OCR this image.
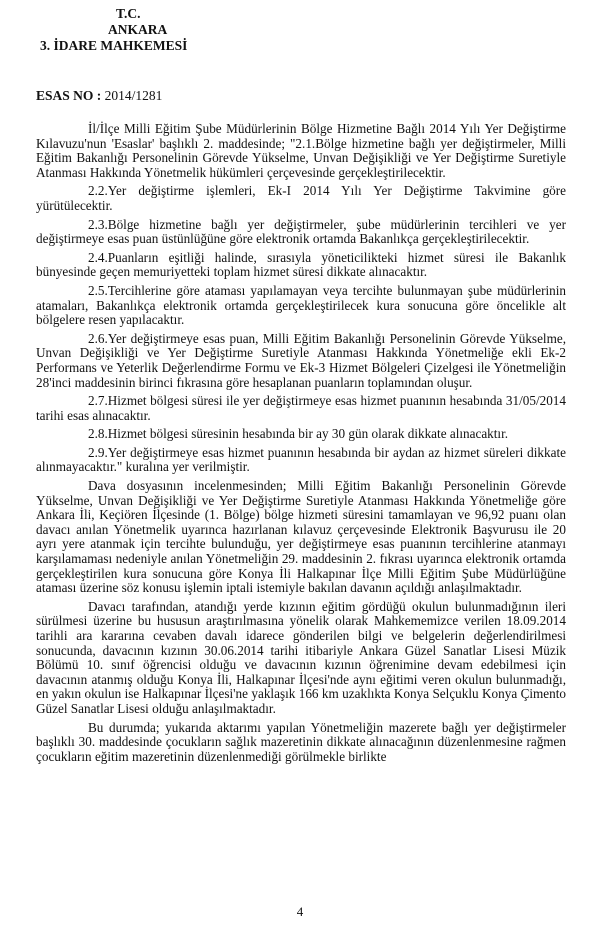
T.C.
ANKARA
3. İDARE MAHKEMESİ
ESAS NO : 2014/1281

İl/İlçe Milli Eğitim Şube Müdürlerinin Bölge Hizmetine Bağlı 2014 Yılı Yer Değiştirme Kılavuzu'nun 'Esaslar' başlıklı 2. maddesinde; "2.1.Bölge hizmetine bağlı yer değiştirmeler, Milli Eğitim Bakanlığı Personelinin Görevde Yükselme, Unvan Değişikliği ve Yer Değiştirme Suretiyle Atanması Hakkında Yönetmelik hükümleri çerçevesinde gerçekleştirilecektir.

2.2.Yer değiştirme işlemleri, Ek-I 2014 Yılı Yer Değiştirme Takvimine göre yürütülecektir.

2.3.Bölge hizmetine bağlı yer değiştirmeler, şube müdürlerinin tercihleri ve yer değiştirmeye esas puan üstünlüğüne göre elektronik ortamda Bakanlıkça gerçekleştirilecektir.

2.4.Puanların eşitliği halinde, sırasıyla yöneticilikteki hizmet süresi ile Bakanlık bünyesinde geçen memuriyetteki toplam hizmet süresi dikkate alınacaktır.

2.5.Tercihlerine göre ataması yapılamayan veya tercihte bulunmayan şube müdürlerinin atamaları, Bakanlıkça elektronik ortamda gerçekleştirilecek kura sonucuna göre öncelikle alt bölgelere resen yapılacaktır.

2.6.Yer değiştirmeye esas puan, Milli Eğitim Bakanlığı Personelinin Görevde Yükselme, Unvan Değişikliği ve Yer Değiştirme Suretiyle Atanması Hakkında Yönetmeliğe ekli Ek-2 Performans ve Yeterlik Değerlendirme Formu ve Ek-3 Hizmet Bölgeleri Çizelgesi ile Yönetmeliğin 28'inci maddesinin birinci fıkrasına göre hesaplanan puanların toplamından oluşur.

2.7.Hizmet bölgesi süresi ile yer değiştirmeye esas hizmet puanının hesabında 31/05/2014 tarihi esas alınacaktır.

2.8.Hizmet bölgesi süresinin hesabında bir ay 30 gün olarak dikkate alınacaktır.

2.9.Yer değiştirmeye esas hizmet puanının hesabında bir aydan az hizmet süreleri dikkate alınmayacaktır." kuralına yer verilmiştir.

Dava dosyasının incelenmesinden; Milli Eğitim Bakanlığı Personelinin Görevde Yükselme, Unvan Değişikliği ve Yer Değiştirme Suretiyle Atanması Hakkında Yönetmeliğe göre Ankara İli, Keçiören İlçesinde (1. Bölge) bölge hizmeti süresini tamamlayan ve 96,92 puanı olan davacı anılan Yönetmelik uyarınca hazırlanan kılavuz çerçevesinde Elektronik Başvurusu ile 20 ayrı yere atanmak için tercihte bulunduğu, yer değiştirmeye esas puanının tercihlerine atanmayı karşılamaması nedeniyle anılan Yönetmeliğin 29. maddesinin 2. fıkrası uyarınca elektronik ortamda gerçekleştirilen kura sonucuna göre Konya İli Halkapınar İlçe Milli Eğitim Şube Müdürlüğüne ataması üzerine söz konusu işlemin iptali istemiyle bakılan davanın açıldığı anlaşılmaktadır.

Davacı tarafından, atandığı yerde kızının eğitim gördüğü okulun bulunmadığının ileri sürülmesi üzerine bu hususun araştırılmasına yönelik olarak Mahkememizce verilen 18.09.2014 tarihli ara kararına cevaben davalı idarece gönderilen bilgi ve belgelerin değerlendirilmesi sonucunda, davacının kızının 30.06.2014 tarihi itibariyle Ankara Güzel Sanatlar Lisesi Müzik Bölümü 10. sınıf öğrencisi olduğu ve davacının kızının öğrenimine devam edebilmesi için davacının atanmış olduğu Konya İli, Halkapınar İlçesi'nde aynı eğitimi veren okulun bulunmadığı, en yakın okulun ise Halkapınar İlçesi'ne yaklaşık 166 km uzaklıkta Konya Selçuklu Konya Çimento Güzel Sanatlar Lisesi olduğu anlaşılmaktadır.

Bu durumda; yukarıda aktarımı yapılan Yönetmeliğin mazerete bağlı yer değiştirmeler başlıklı 30. maddesinde çocukların sağlık mazeretinin dikkate alınacağının düzenlenmesine rağmen çocukların eğitim mazeretinin düzenlenmediği görülmekle birlikte

4
